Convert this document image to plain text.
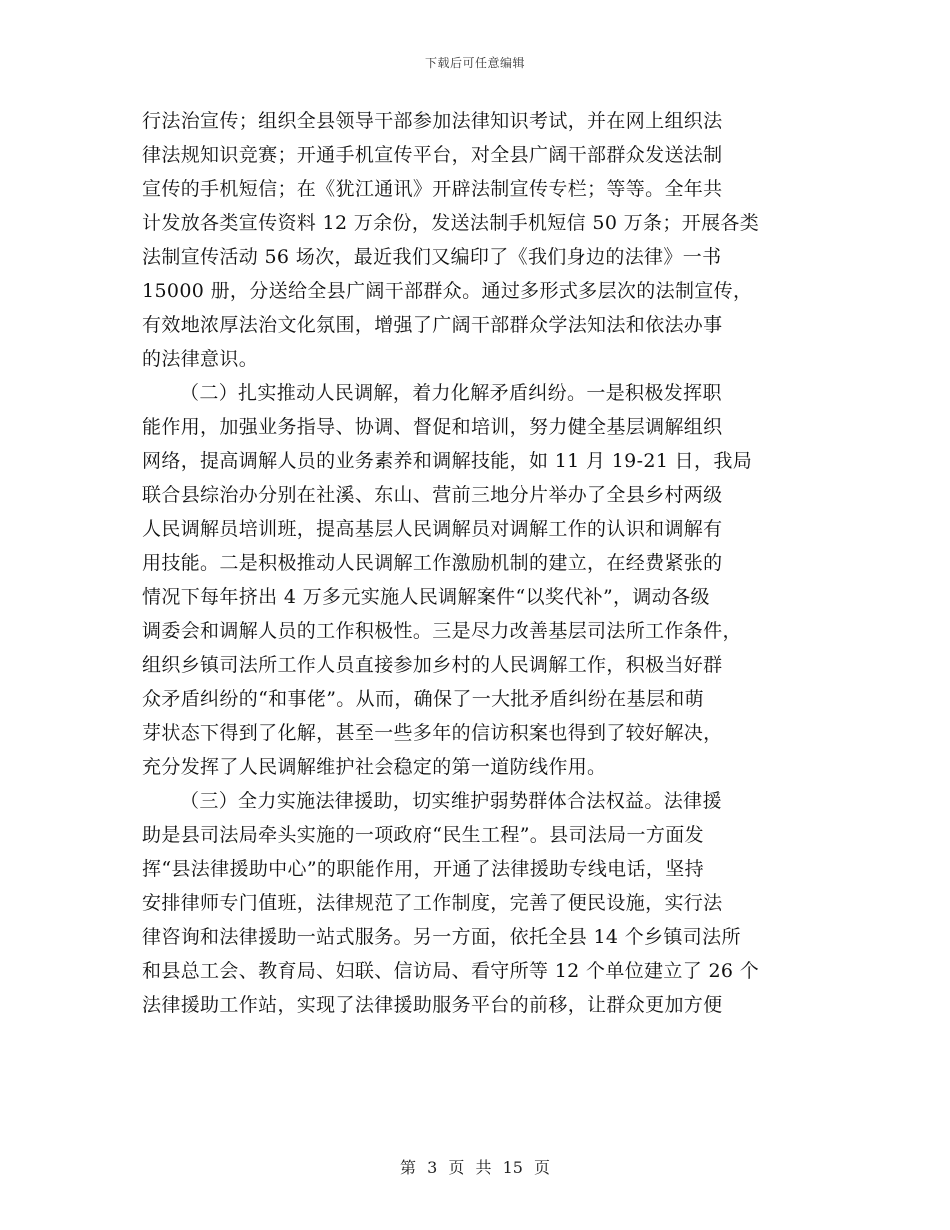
下载后可任意编辑
行法治宣传；组织全县领导干部参加法律知识考试，并在网上组织法
律法规知识竞赛；开通手机宣传平台，对全县广阔干部群众发送法制
宣传的手机短信；在《犹江通讯》开辟法制宣传专栏；等等。全年共
计发放各类宣传资料 12 万余份，发送法制手机短信 50 万条；开展各类
法制宣传活动 56 场次，最近我们又编印了《我们身边的法律》一书
15000 册，分送给全县广阔干部群众。通过多形式多层次的法制宣传，
有效地浓厚法治文化氛围，增强了广阔干部群众学法知法和依法办事
的法律意识。
（二）扎实推动人民调解，着力化解矛盾纠纷。一是积极发挥职
能作用，加强业务指导、协调、督促和培训，努力健全基层调解组织
网络，提高调解人员的业务素养和调解技能，如 11 月 19-21 日，我局
联合县综治办分别在社溪、东山、营前三地分片举办了全县乡村两级
人民调解员培训班，提高基层人民调解员对调解工作的认识和调解有
用技能。二是积极推动人民调解工作激励机制的建立，在经费紧张的
情况下每年挤出 4 万多元实施人民调解案件“以奖代补”，调动各级
调委会和调解人员的工作积极性。三是尽力改善基层司法所工作条件，
组织乡镇司法所工作人员直接参加乡村的人民调解工作，积极当好群
众矛盾纠纷的“和事佬”。从而，确保了一大批矛盾纠纷在基层和萌
芽状态下得到了化解，甚至一些多年的信访积案也得到了较好解决，
充分发挥了人民调解维护社会稳定的第一道防线作用。
（三）全力实施法律援助，切实维护弱势群体合法权益。法律援
助是县司法局牵头实施的一项政府“民生工程”。县司法局一方面发
挥“县法律援助中心”的职能作用，开通了法律援助专线电话，坚持
安排律师专门值班，法律规范了工作制度，完善了便民设施，实行法
律咨询和法律援助一站式服务。另一方面，依托全县 14 个乡镇司法所
和县总工会、教育局、妇联、信访局、看守所等 12 个单位建立了 26 个
法律援助工作站，实现了法律援助服务平台的前移，让群众更加方便
第 3 页 共 15 页
